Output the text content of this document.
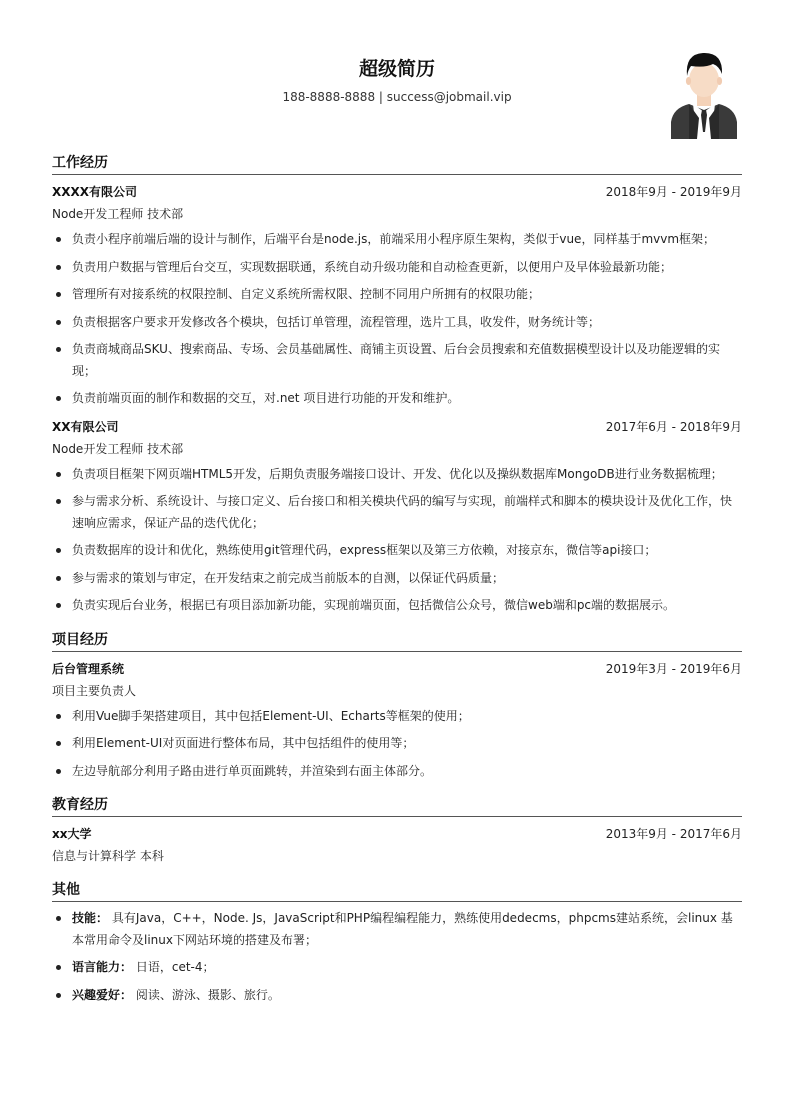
超级简历
188-8888-8888 | success@jobmail.vip
工作经历
XXXX有限公司	2018年9月 - 2019年9月
Node开发工程师 技术部
负责小程序前端后端的设计与制作，后端平台是node.js，前端采用小程序原生架构，类似于vue，同样基于mvvm框架；
负责用户数据与管理后台交互，实现数据联通，系统自动升级功能和自动检查更新，以便用户及早体验最新功能；
管理所有对接系统的权限控制、自定义系统所需权限、控制不同用户所拥有的权限功能；
负责根据客户要求开发修改各个模块，包括订单管理，流程管理，选片工具，收发件，财务统计等；
负责商城商品SKU、搜索商品、专场、会员基础属性、商铺主页设置、后台会员搜索和充值数据模型设计以及功能逻辑的实现；
负责前端页面的制作和数据的交互，对.net 项目进行功能的开发和维护。
XX有限公司	2017年6月 - 2018年9月
Node开发工程师 技术部
负责项目框架下网页端HTML5开发，后期负责服务端接口设计、开发、优化以及操纵数据库MongoDB进行业务数据梳理；
参与需求分析、系统设计、与接口定义、后台接口和相关模块代码的编写与实现，前端样式和脚本的模块设计及优化工作，快速响应需求，保证产品的迭代优化；
负责数据库的设计和优化，熟练使用git管理代码，express框架以及第三方依赖，对接京东，微信等api接口；
参与需求的策划与审定，在开发结束之前完成当前版本的自测，以保证代码质量；
负责实现后台业务，根据已有项目添加新功能，实现前端页面，包括微信公众号，微信web端和pc端的数据展示。
项目经历
后台管理系统	2019年3月 - 2019年6月
项目主要负责人
利用Vue脚手架搭建项目，其中包括Element-UI、Echarts等框架的使用；
利用Element-UI对页面进行整体布局，其中包括组件的使用等；
左边导航部分利用子路由进行单页面跳转，并渲染到右面主体部分。
教育经历
xx大学	2013年9月 - 2017年6月
信息与计算科学 本科
其他
技能： 具有Java，C++，Node. Js，JavaScript和PHP编程编程能力，熟练使用dedecms，phpcms建站系统，会linux 基本常用命令及linux下网站环境的搭建及布署；
语言能力： 日语，cet-4；
兴趣爱好： 阅读、游泳、摄影、旅行。
